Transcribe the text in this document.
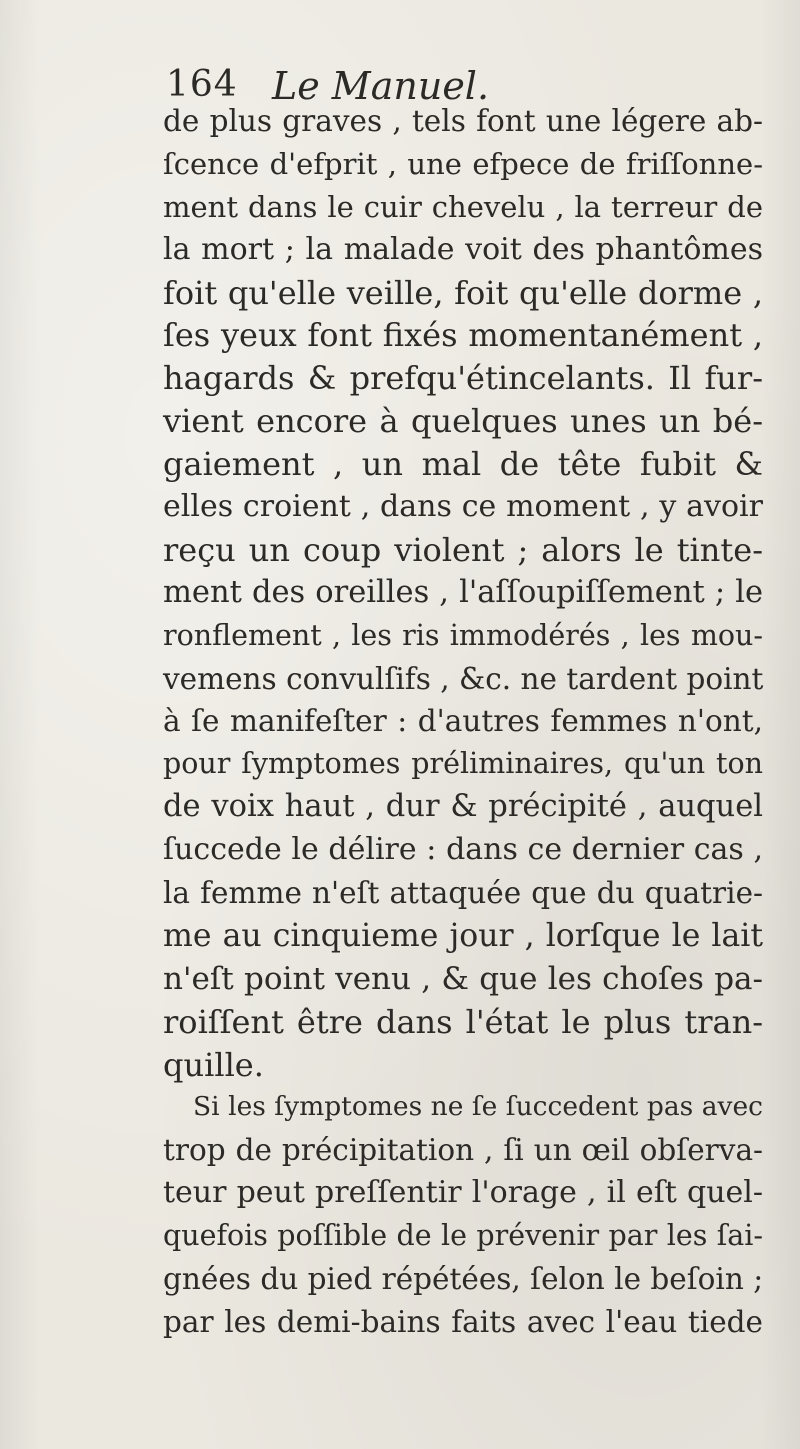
164 Le Manuel.
de plus graves , tels font une légere ab-
ſcence d'efprit , une efpece de friſſonne-
ment dans le cuir chevelu , la terreur de
la mort ; la malade voit des phantômes
foit qu'elle veille, foit qu'elle dorme ,
ſes yeux font fixés momentanément ,
hagards & prefqu'étincelants. Il fur-
vient encore à quelques unes un bé-
gaiement , un mal de tête fubit &
elles croient , dans ce moment , y avoir
reçu un coup violent ; alors le tinte-
ment des oreilles , l'aſſoupiſſement ; le
ronflement , les ris immodérés , les mou-
vemens convulſifs , &c. ne tardent point
à ſe manifeſter : d'autres femmes n'ont,
pour ſymptomes préliminaires, qu'un ton
de voix haut , dur & précipité , auquel
ſuccede le délire : dans ce dernier cas ,
la femme n'eſt attaquée que du quatrie-
me au cinquieme jour , lorſque le lait
n'eſt point venu , & que les choſes pa-
roiſſent être dans l'état le plus tran-
quille.
Si les ſymptomes ne ſe ſuccedent pas avec
trop de précipitation , ſi un œil obſerva-
teur peut preſſentir l'orage , il eſt quel-
quefois poſſible de le prévenir par les ſai-
gnées du pied répétées, ſelon le beſoin ;
par les demi-bains faits avec l'eau tiede
